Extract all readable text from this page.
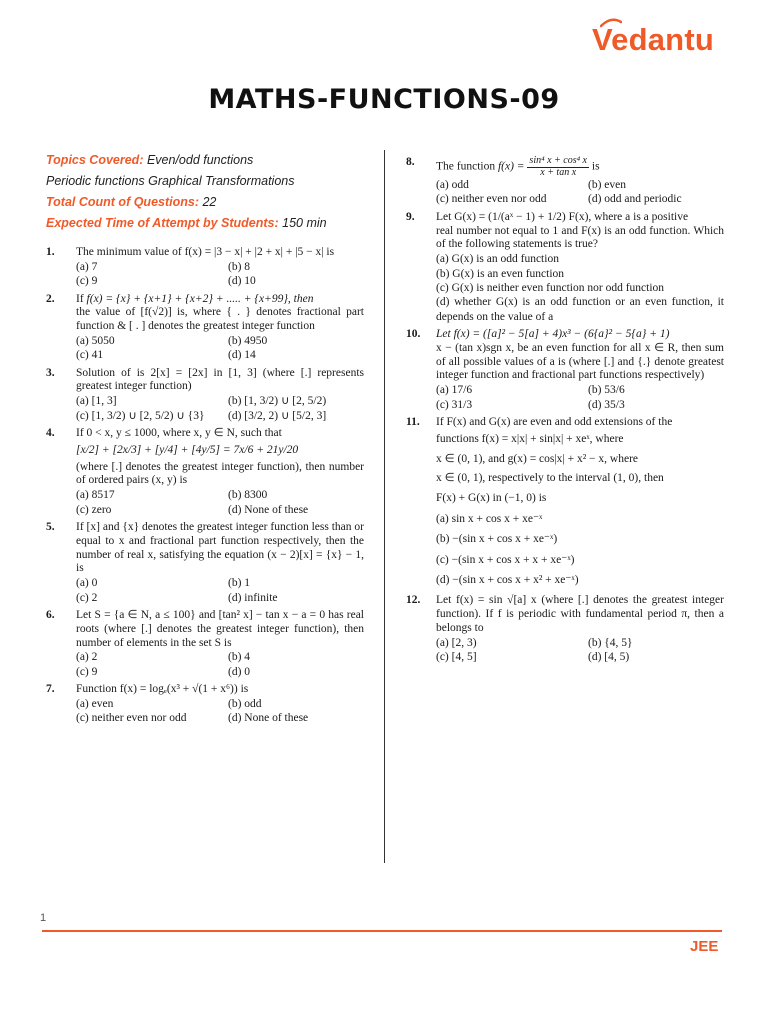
Vedantu
MATHS-FUNCTIONS-09
Topics Covered: Even/odd functions
Periodic functions Graphical Transformations
Total Count of Questions: 22
Expected Time of Attempt by Students: 150 min
1. The minimum value of f(x) = |3 − x| + |2 + x| + |5 − x| is
(a) 7	(b) 8
(c) 9	(d) 10
2. If f(x) = {x} + {x+1} + {x+2} + ..... + {x+99}, then
the value of [f(√2)] is, where { . } denotes fractional part function & [ . ] denotes the greatest integer function
(a) 5050	(b) 4950
(c) 41	(d) 14
3. Solution of is 2[x] = [2x] in [1, 3] (where [.] represents greatest integer function)
(a) [1, 3]	(b) [1, 3/2) ∪ [2, 5/2)
(c) [1, 3/2) ∪ [2, 5/2) ∪ {3}	(d) [3/2, 2) ∪ [5/2, 3]
4. If 0 < x, y ≤ 1000, where x, y ∈ N, such that
[x/2] + [2x/3] + [y/4] + [4y/5] = 7x/6 + 21y/20
(where [.] denotes the greatest integer function), then number of ordered pairs (x, y) is
(a) 8517	(b) 8300
(c) zero	(d) None of these
5. If [x] and {x} denotes the greatest integer function less than or equal to x and fractional part function respectively, then the number of real x, satisfying the equation (x − 2)[x] = {x} − 1, is
(a) 0	(b) 1
(c) 2	(d) infinite
6. Let S = {a ∈ N, a ≤ 100} and [tan² x] − tan x − a = 0 has real roots (where [.] denotes the greatest integer function), then number of elements in the set S is
(a) 2	(b) 4
(c) 9	(d) 0
7. Function f(x) = logₑ(x³ + √(1 + x⁶)) is
(a) even	(b) odd
(c) neither even nor odd	(d) None of these
8. The function $f(x) = \frac{\text{sin⁴ x + cos⁴ x}}{\text{x + tan x}}$ is
(a) odd	(b) even
(c) neither even nor odd	(d) odd and periodic
9. Let G(x) = (1/(aˣ − 1) + 1/2) F(x), where a is a positive
real number not equal to 1 and F(x) is an odd function. Which of the following statements is true?
(a) G(x) is an odd function
(b) G(x) is an even function
(c) G(x) is neither even function nor odd function
(d) whether G(x) is an odd function or an even function, it depends on the value of a
10. Let f(x) = ([a]² − 5[a] + 4)x³ − (6{a}² − 5{a} + 1)
x − (tan x)sgn x, be an even function for all x ∈ R, then sum of all possible values of a is (where [.] and {.} denote greatest integer function and fractional part functions respectively)
(a) 17/6	(b) 53/6
(c) 31/3	(d) 35/3
11. If F(x) and G(x) are even and odd extensions of the
functions f(x) = x|x| + sin|x| + xeˣ, where
x ∈ (0, 1), and g(x) = cos|x| + x² − x, where
x ∈ (0, 1), respectively to the interval (1, 0), then
F(x) + G(x) in (−1, 0) is
(a) sin x + cos x + xe⁻ˣ
(b) −(sin x + cos x + xe⁻ˣ)
(c) −(sin x + cos x + x + xe⁻ˣ)
(d) −(sin x + cos x + x² + xe⁻ˣ)
12. Let f(x) = sin √[a] x (where [.] denotes the greatest integer function). If f is periodic with fundamental period π, then a belongs to
(a) [2, 3)	(b) {4, 5}
(c) [4, 5]	(d) [4, 5)
1
JEE
